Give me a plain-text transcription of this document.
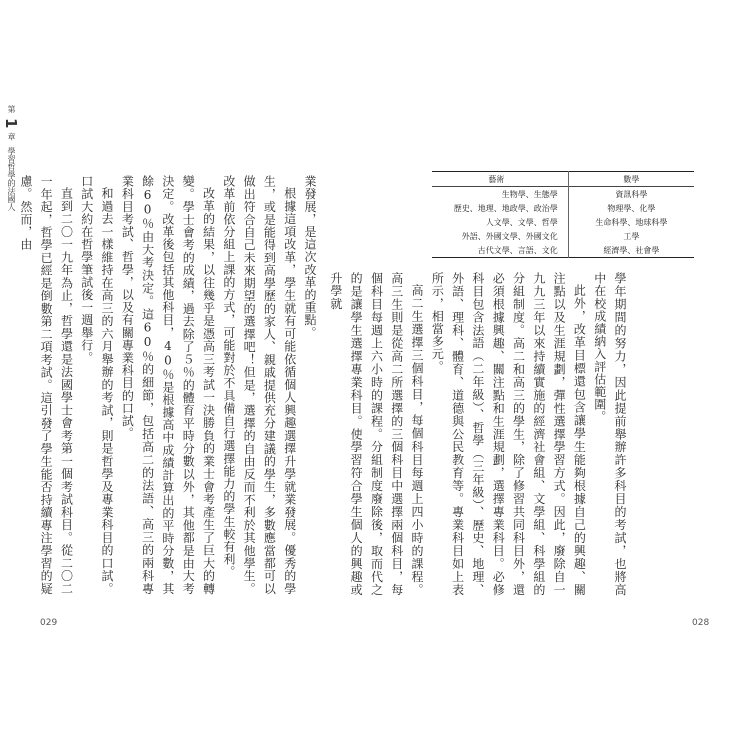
第 1 章 學習哲學的法國人	業發展，是這次改革的重點。

根據這項改革，學生就有可能依循個人興趣選擇升學就業發展。優秀的學生，或是能得到高學歷的家人、親戚提供充分建議的學生，多數應當都可以做出符合自己未來期望的選擇吧！但是，選擇的自由反而不利於其他學生。改革前依分組上課的方式，可能對於不具備自行選擇能力的學生較有利。

改革的結果，以往幾乎是憑高三考試一決勝負的業士會考產生了巨大的轉變。學士會考的成績，過去除了５％的體育平時分數以外，其他都是由大考決定。改革後包括其他科目，40％是根據高中成績計算出的平時分數，其餘60％由大考決定。這60％的細節，包括高二的法語、高三的兩科專業科目考試、哲學，以及有關專業科目的口試。

和過去一樣維持在高三的六月舉辦的考試，則是哲學及專業科目的口試。口試大約在哲學筆試後一週舉行。

直到二〇一九年為止，哲學還是法國學士會考第一個考試科目。從二〇二一年起，哲學已經是倒數第二項考試。這引發了學生能否持續專注學習的疑慮。然而，由	藝術	數學
生物學、生態學	資訊科學
歷史、地理、地政學、政治學	物理學、化學
人文學、文學、哲學	生命科學、地球科學
外語、外國文學、外國文化	工學
古代文學、言語、文化	經濟學、社會學

學年期間的努力，因此提前舉辦許多科目的考試，也將高中在校成績納入評估範圍。

此外，改革目標還包含讓學生能夠根據自己的興趣、關注點以及生涯規劃，彈性選擇學習方式。因此，廢除自一九九三年以來持續實施的經濟社會組、文學組、科學組的分組制度。高二和高三的學生，除了修習共同科目外，還必須根據興趣、關注點和生涯規劃，選擇專業科目。必修科目包含法語（二年級）、哲學（三年級）、歷史、地理、外語、理科、體育、道德與公民教育等。專業科目如上表所示，相當多元。

高二生選擇三個科目，每個科目每週上四小時的課程。高三生則是從高二所選擇的三個科目中選擇兩個科目，每個科目每週上六小時的課程。分組制度廢除後，取而代之的是讓學生選擇專業科目。使學習符合學生個人的興趣或升學就

029	028
